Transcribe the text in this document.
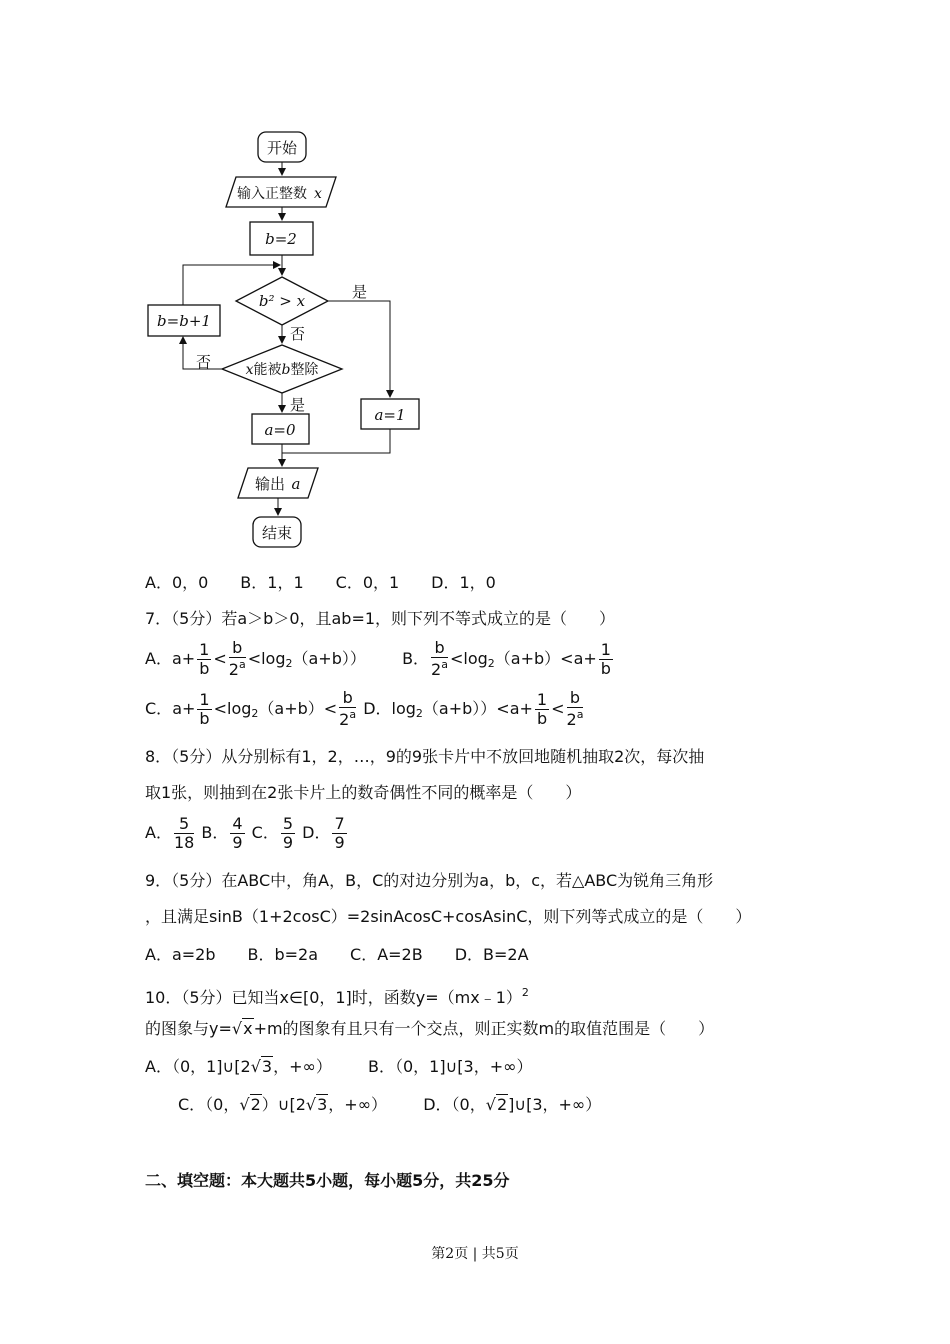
开始
输入正整数 x
b=2
b² > x	是
否
x能被b整除
否
b=b+1
是
a=0
a=1
输出 a
结束
A．0，0　　B．1，1　　C．0，1　　D．1，0
7．（5分）若a＞b＞0，且ab=1，则下列不等式成立的是（　　）
A．$a+ \frac{1}{b} < \frac{b}{2^a} <\log_2(a+b)$） B． $\frac{b}{2^a} <\log_2(a+b)<a+ \frac{1}{b}$
C．$a+ \frac{1}{b} <\log_2(a+b)< \frac{b}{2^a}$ D．$\log_2(a+b))<a+ \frac{1}{b} < \frac{b}{2^a}$
8．（5分）从分别标有1，2，…，9的9张卡片中不放回地随机抽取2次，每次抽
取1张，则抽到在2张卡片上的数奇偶性不同的概率是（　　）
A． $\frac{5}{18}$ B． $\frac{4}{9}$ C． $\frac{5}{9}$ D． $\frac{7}{9}$
9．（5分）在ABC中，角A，B，C的对边分别为a，b，c，若△ABC为锐角三角形
，且满足sinB（1+2cosC）=2sinAcosC+cosAsinC，则下列等式成立的是（　　）
A．a=2b　　B．b=2a　　C．A=2B　　D．B=2A
10．（5分）已知当x∈[0，1]时，函数y=（mx﹣1）$^2$
的图象与y=√x+m的图象有且只有一个交点，则正实数m的取值范围是（　　）
A．（0，1]∪[2√3，+∞） B．（0，1]∪[3，+∞）
C．（0，√2）∪[2√3，+∞） D．（0，√2]∪[3，+∞）
二、填空题：本大题共5小题，每小题5分，共25分
第2页 | 共5页
